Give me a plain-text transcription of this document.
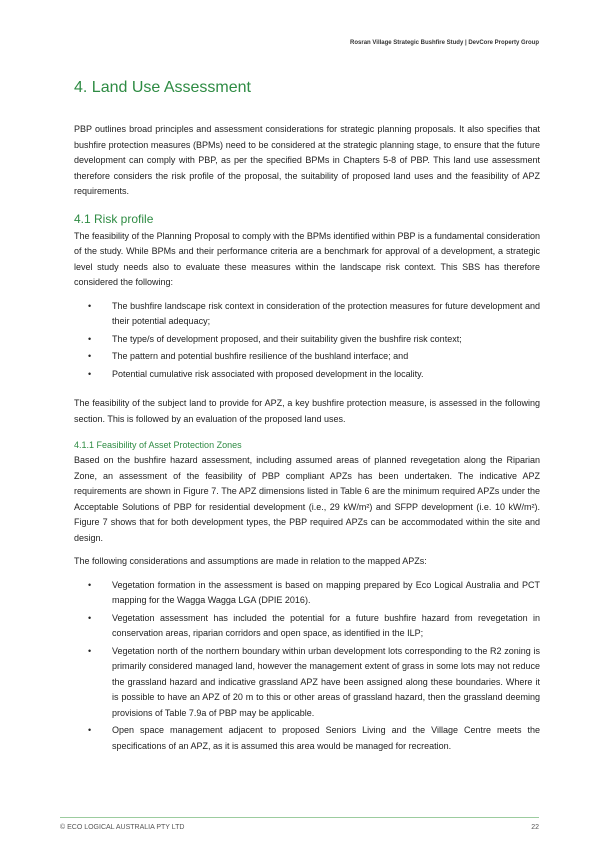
Rosran Village Strategic Bushfire Study | DevCore Property Group
4. Land Use Assessment

PBP outlines broad principles and assessment considerations for strategic planning proposals. It also specifies that bushfire protection measures (BPMs) need to be considered at the strategic planning stage, to ensure that the future development can comply with PBP, as per the specified BPMs in Chapters 5-8 of PBP. This land use assessment therefore considers the risk profile of the proposal, the suitability of proposed land uses and the feasibility of APZ requirements.

4.1 Risk profile

The feasibility of the Planning Proposal to comply with the BPMs identified within PBP is a fundamental consideration of the study. While BPMs and their performance criteria are a benchmark for approval of a development, a strategic level study needs also to evaluate these measures within the landscape risk context. This SBS has therefore considered the following:

• The bushfire landscape risk context in consideration of the protection measures for future development and their potential adequacy;
• The type/s of development proposed, and their suitability given the bushfire risk context;
• The pattern and potential bushfire resilience of the bushland interface; and
• Potential cumulative risk associated with proposed development in the locality.

The feasibility of the subject land to provide for APZ, a key bushfire protection measure, is assessed in the following section. This is followed by an evaluation of the proposed land uses.

4.1.1 Feasibility of Asset Protection Zones

Based on the bushfire hazard assessment, including assumed areas of planned revegetation along the Riparian Zone, an assessment of the feasibility of PBP compliant APZs has been undertaken. The indicative APZ requirements are shown in Figure 7. The APZ dimensions listed in Table 6 are the minimum required APZs under the Acceptable Solutions of PBP for residential development (i.e., 29 kW/m²) and SFPP development (i.e. 10 kW/m²). Figure 7 shows that for both development types, the PBP required APZs can be accommodated within the site and design.

The following considerations and assumptions are made in relation to the mapped APZs:

• Vegetation formation in the assessment is based on mapping prepared by Eco Logical Australia and PCT mapping for the Wagga Wagga LGA (DPIE 2016).
• Vegetation assessment has included the potential for a future bushfire hazard from revegetation in conservation areas, riparian corridors and open space, as identified in the ILP;
• Vegetation north of the northern boundary within urban development lots corresponding to the R2 zoning is primarily considered managed land, however the management extent of grass in some lots may not reduce the grassland hazard and indicative grassland APZ have been assigned along these boundaries. Where it is possible to have an APZ of 20 m to this or other areas of grassland hazard, then the grassland deeming provisions of Table 7.9a of PBP may be applicable.
• Open space management adjacent to proposed Seniors Living and the Village Centre meets the specifications of an APZ, as it is assumed this area would be managed for recreation.
© ECO LOGICAL AUSTRALIA PTY LTD	22
